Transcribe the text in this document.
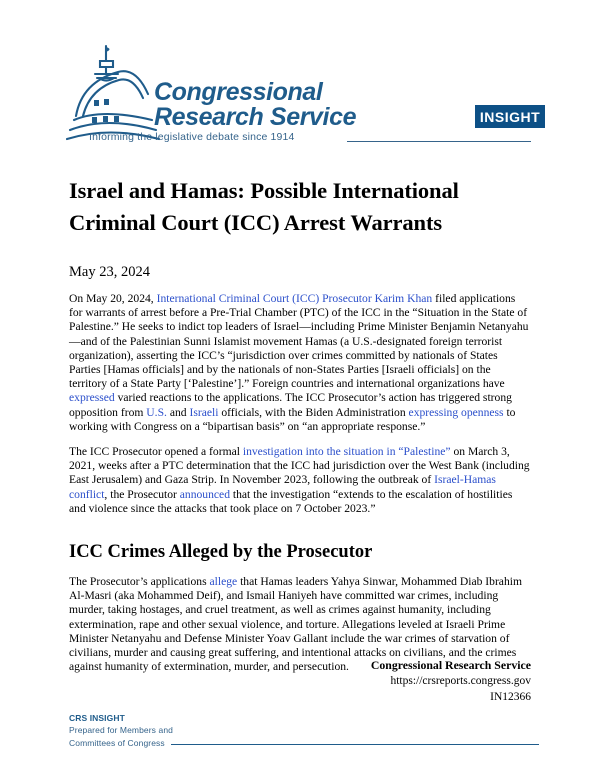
Congressional
Research Service
Informing the legislative debate since 1914
INSIGHT
Israel and Hamas: Possible International Criminal Court (ICC) Arrest Warrants
May 23, 2024

On May 20, 2024, International Criminal Court (ICC) Prosecutor Karim Khan filed applications for warrants of arrest before a Pre-Trial Chamber (PTC) of the ICC in the “Situation in the State of Palestine.” He seeks to indict top leaders of Israel—including Prime Minister Benjamin Netanyahu—and of the Palestinian Sunni Islamist movement Hamas (a U.S.-designated foreign terrorist organization), asserting the ICC’s “jurisdiction over crimes committed by nationals of States Parties [Hamas officials] and by the nationals of non-States Parties [Israeli officials] on the territory of a State Party [‘Palestine’].” Foreign countries and international organizations have expressed varied reactions to the applications. The ICC Prosecutor’s action has triggered strong opposition from U.S. and Israeli officials, with the Biden Administration expressing openness to working with Congress on a “bipartisan basis” on “an appropriate response.”

The ICC Prosecutor opened a formal investigation into the situation in “Palestine” on March 3, 2021, weeks after a PTC determination that the ICC had jurisdiction over the West Bank (including East Jerusalem) and Gaza Strip. In November 2023, following the outbreak of Israel-Hamas conflict, the Prosecutor announced that the investigation “extends to the escalation of hostilities and violence since the attacks that took place on 7 October 2023.”

ICC Crimes Alleged by the Prosecutor

The Prosecutor’s applications allege that Hamas leaders Yahya Sinwar, Mohammed Diab Ibrahim Al-Masri (aka Mohammed Deif), and Ismail Haniyeh have committed war crimes, including murder, taking hostages, and cruel treatment, as well as crimes against humanity, including extermination, rape and other sexual violence, and torture. Allegations leveled at Israeli Prime Minister Netanyahu and Defense Minister Yoav Gallant include the war crimes of starvation of civilians, murder and causing great suffering, and intentional attacks on civilians, and the crimes against humanity of extermination, murder, and persecution.	Congressional Research Service
https://crsreports.congress.gov
IN12366
CRS INSIGHT
Prepared for Members and
Committees of Congress
